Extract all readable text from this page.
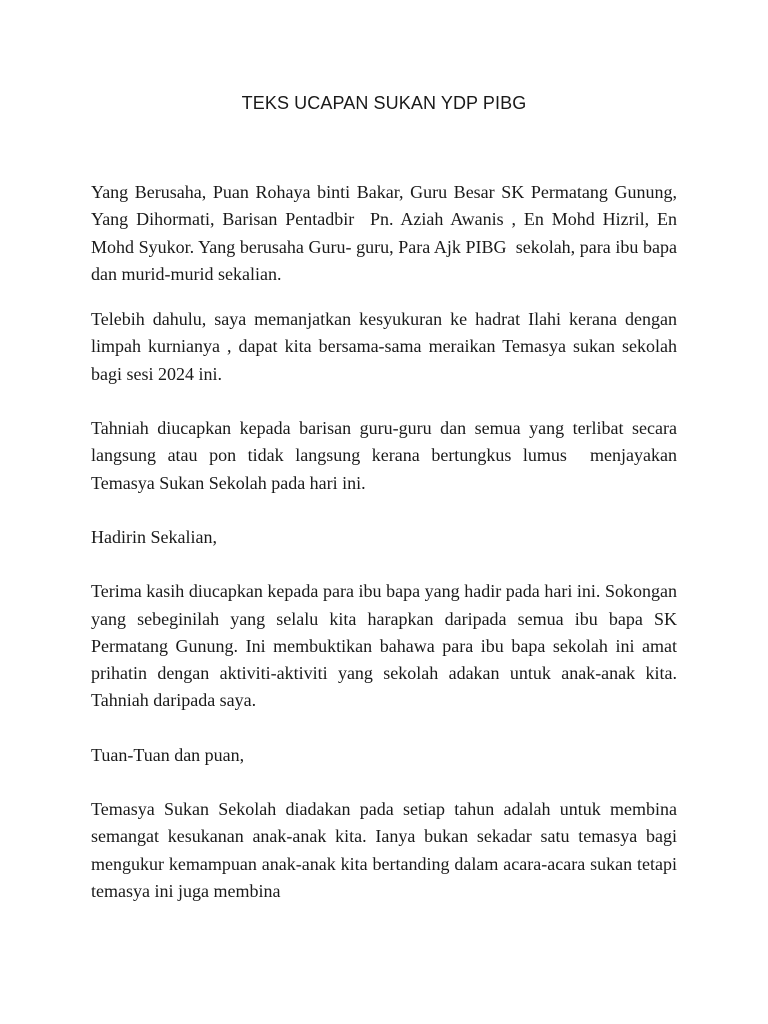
TEKS UCAPAN SUKAN YDP PIBG

Yang Berusaha, Puan Rohaya binti Bakar, Guru Besar SK Permatang Gunung,    Yang Dihormati, Barisan Pentadbir  Pn. Aziah Awanis , En Mohd Hizril, En Mohd Syukor. Yang berusaha Guru- guru, Para Ajk PIBG  sekolah, para ibu bapa dan murid-murid sekalian.

Telebih dahulu, saya memanjatkan kesyukuran ke hadrat Ilahi kerana dengan limpah kurnianya , dapat kita bersama-sama meraikan Temasya sukan sekolah bagi sesi 2024 ini.

Tahniah diucapkan kepada barisan guru-guru dan semua yang terlibat secara langsung atau pon tidak langsung kerana bertungkus lumus  menjayakan Temasya Sukan Sekolah pada hari ini.

Hadirin Sekalian,

Terima kasih diucapkan kepada para ibu bapa yang hadir pada hari ini. Sokongan yang sebeginilah yang selalu kita harapkan daripada semua ibu bapa SK Permatang Gunung. Ini membuktikan bahawa para ibu bapa sekolah ini amat prihatin dengan aktiviti-aktiviti yang sekolah adakan untuk anak-anak kita. Tahniah daripada saya.

Tuan-Tuan dan puan,

Temasya Sukan Sekolah diadakan pada setiap tahun adalah untuk membina semangat kesukanan anak-anak kita. Ianya bukan sekadar satu temasya bagi mengukur kemampuan anak-anak kita bertanding dalam acara-acara sukan tetapi temasya ini juga membina
